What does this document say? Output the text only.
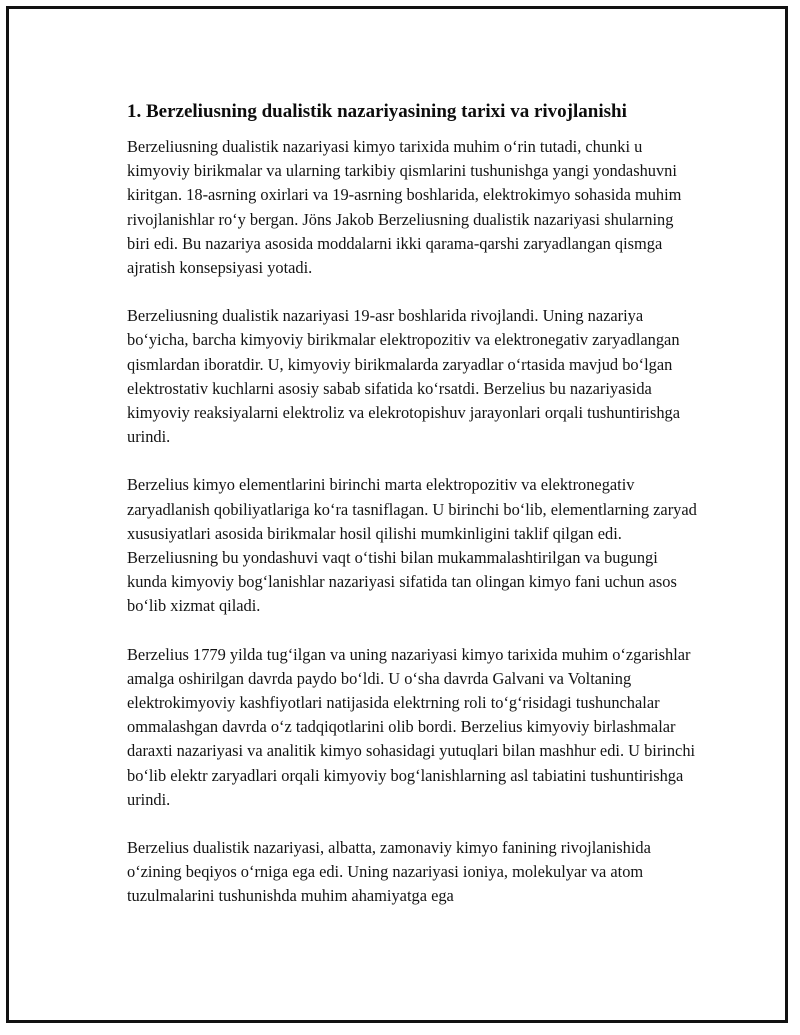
1. Berzeliusning dualistik nazariyasining tarixi va rivojlanishi

Berzeliusning dualistik nazariyasi kimyo tarixida muhim o‘rin tutadi, chunki u kimyoviy birikmalar va ularning tarkibiy qismlarini tushunishga yangi yondashuvni kiritgan. 18-asrning oxirlari va 19-asrning boshlarida, elektrokimyo sohasida muhim rivojlanishlar ro‘y bergan. Jöns Jakob Berzeliusning dualistik nazariyasi shularning biri edi. Bu nazariya asosida moddalarni ikki qarama-qarshi zaryadlangan qismga ajratish konsepsiyasi yotadi.

Berzeliusning dualistik nazariyasi 19-asr boshlarida rivojlandi. Uning nazariya bo‘yicha, barcha kimyoviy birikmalar elektropozitiv va elektronegativ zaryadlangan qismlardan iboratdir. U, kimyoviy birikmalarda zaryadlar o‘rtasida mavjud bo‘lgan elektrostativ kuchlarni asosiy sabab sifatida ko‘rsatdi. Berzelius bu nazariyasida kimyoviy reaksiyalarni elektroliz va elekrotopishuv jarayonlari orqali tushuntirishga urindi.

Berzelius kimyo elementlarini birinchi marta elektropozitiv va elektronegativ zaryadlanish qobiliyatlariga ko‘ra tasniflagan. U birinchi bo‘lib, elementlarning zaryad xususiyatlari asosida birikmalar hosil qilishi mumkinligini taklif qilgan edi. Berzeliusning bu yondashuvi vaqt o‘tishi bilan mukammalashtirilgan va bugungi kunda kimyoviy bog‘lanishlar nazariyasi sifatida tan olingan kimyo fani uchun asos bo‘lib xizmat qiladi.

Berzelius 1779 yilda tug‘ilgan va uning nazariyasi kimyo tarixida muhim o‘zgarishlar amalga oshirilgan davrda paydo bo‘ldi. U o‘sha davrda Galvani va Voltaning elektrokimyoviy kashfiyotlari natijasida elektrning roli to‘g‘risidagi tushunchalar ommalashgan davrda o‘z tadqiqotlarini olib bordi. Berzelius kimyoviy birlashmalar daraxti nazariyasi va analitik kimyo sohasidagi yutuqlari bilan mashhur edi. U birinchi bo‘lib elektr zaryadlari orqali kimyoviy bog‘lanishlarning asl tabiatini tushuntirishga urindi.

Berzelius dualistik nazariyasi, albatta, zamonaviy kimyo fanining rivojlanishida o‘zining beqiyos o‘rniga ega edi. Uning nazariyasi ioniya, molekulyar va atom tuzulmalarini tushunishda muhim ahamiyatga ega
